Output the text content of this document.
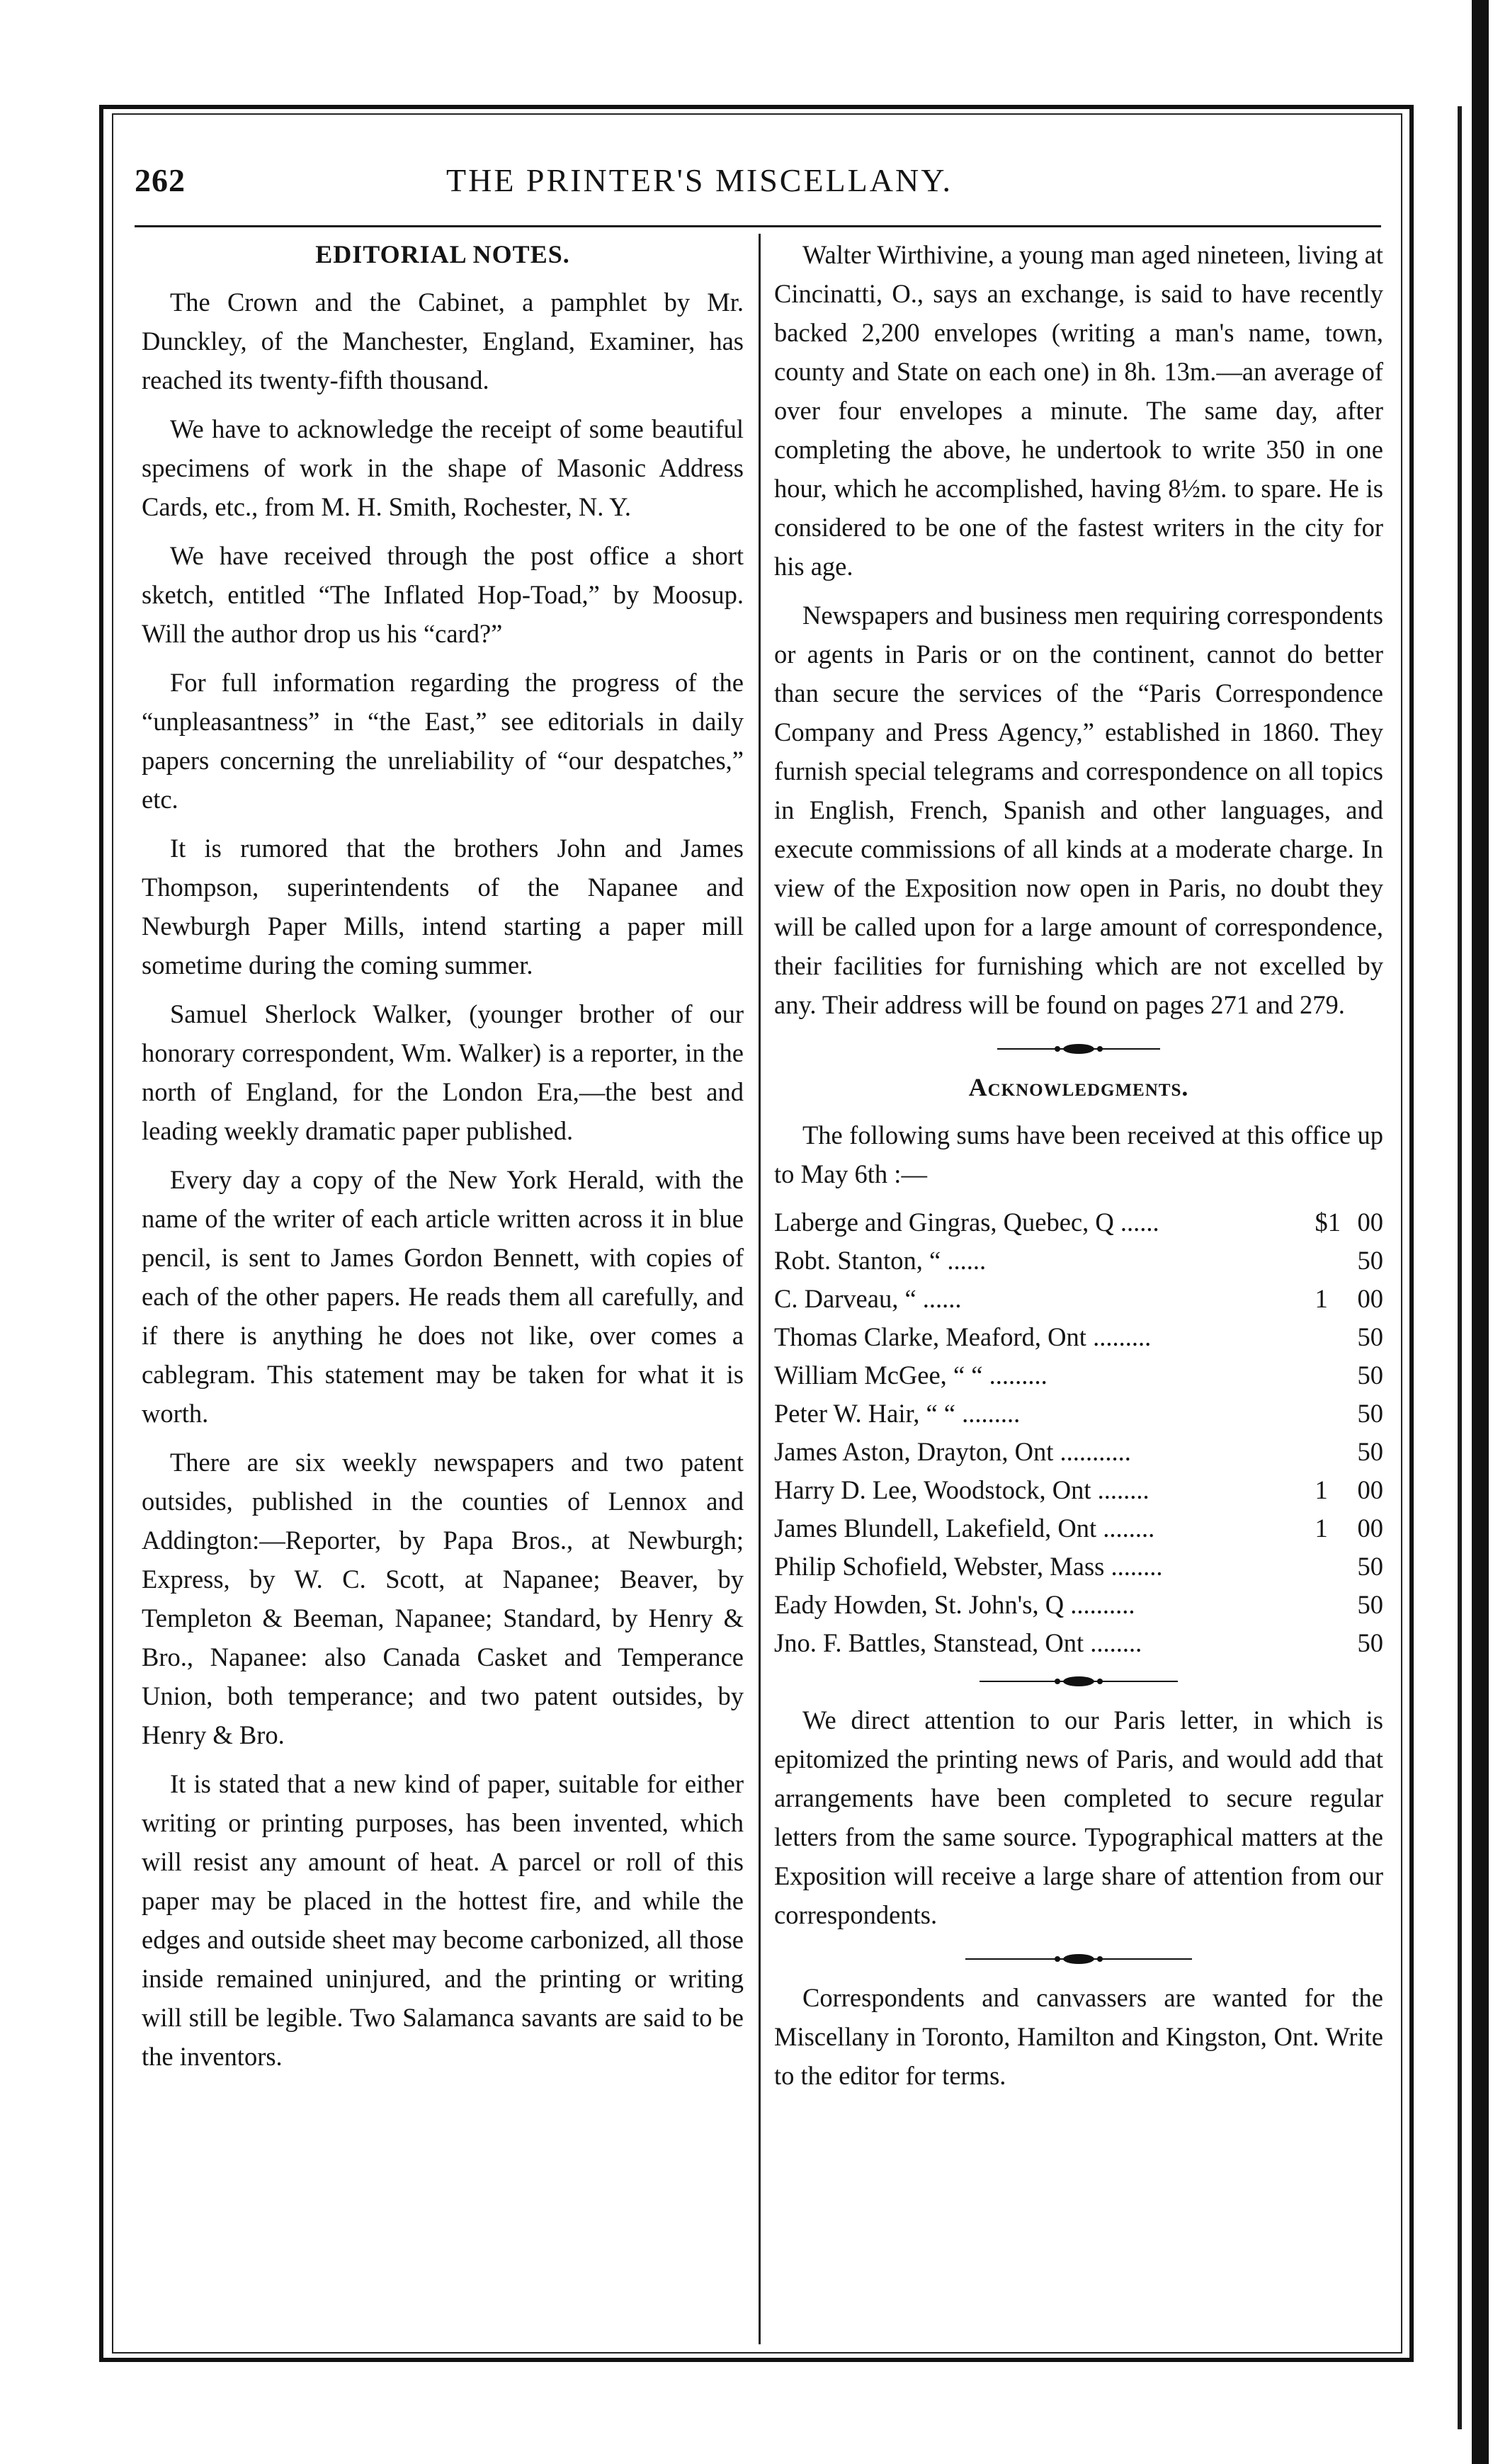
262	THE PRINTER'S MISCELLANY.
EDITORIAL NOTES.

The Crown and the Cabinet, a pamphlet by Mr. Dunckley, of the Manchester, England, Examiner, has reached its twenty-fifth thousand.

We have to acknowledge the receipt of some beautiful specimens of work in the shape of Masonic Address Cards, etc., from M. H. Smith, Rochester, N. Y.

We have received through the post office a short sketch, entitled “The Inflated Hop-Toad,” by Moosup. Will the author drop us his “card?”

For full information regarding the progress of the “unpleasantness” in “the East,” see editorials in daily papers concerning the unreliability of “our despatches,” etc.

It is rumored that the brothers John and James Thompson, superintendents of the Napanee and Newburgh Paper Mills, intend starting a paper mill sometime during the coming summer.

Samuel Sherlock Walker, (younger brother of our honorary correspondent, Wm. Walker) is a reporter, in the north of England, for the London Era,—the best and leading weekly dramatic paper published.

Every day a copy of the New York Herald, with the name of the writer of each article written across it in blue pencil, is sent to James Gordon Bennett, with copies of each of the other papers. He reads them all carefully, and if there is anything he does not like, over comes a cablegram. This statement may be taken for what it is worth.

There are six weekly newspapers and two patent outsides, published in the counties of Lennox and Addington:—Reporter, by Papa Bros., at Newburgh; Express, by W. C. Scott, at Napanee; Beaver, by Templeton & Beeman, Napanee; Standard, by Henry & Bro., Napanee: also Canada Casket and Temperance Union, both temperance; and two patent outsides, by Henry & Bro.

It is stated that a new kind of paper, suitable for either writing or printing purposes, has been invented, which will resist any amount of heat. A parcel or roll of this paper may be placed in the hottest fire, and while the edges and outside sheet may become carbonized, all those inside remained uninjured, and the printing or writing will still be legible. Two Salamanca savants are said to be the inventors.

Walter Wirthivine, a young man aged nineteen, living at Cincinatti, O., says an exchange, is said to have recently backed 2,200 envelopes (writing a man's name, town, county and State on each one) in 8h. 13m.—an average of over four envelopes a minute. The same day, after completing the above, he undertook to write 350 in one hour, which he accomplished, having 8½m. to spare. He is considered to be one of the fastest writers in the city for his age.

Newspapers and business men requiring correspondents or agents in Paris or on the continent, cannot do better than secure the services of the “Paris Correspondence Company and Press Agency,” established in 1860. They furnish special telegrams and correspondence on all topics in English, French, Spanish and other languages, and execute commissions of all kinds at a moderate charge. In view of the Exposition now open in Paris, no doubt they will be called upon for a large amount of correspondence, their facilities for furnishing which are not excelled by any. Their address will be found on pages 271 and 279.

Acknowledgments.

The following sums have been received at this office up to May 6th :—

Laberge and Gingras, Quebec, Q ......	$1	00
Robt. Stanton, “ ......		50
C. Darveau, “ ......	1	00
Thomas Clarke, Meaford, Ont .........		50
William McGee, “ “ .........		50
Peter W. Hair, “ “ .........		50
James Aston, Drayton, Ont ...........		50
Harry D. Lee, Woodstock, Ont ........	1	00
James Blundell, Lakefield, Ont ........	1	00
Philip Schofield, Webster, Mass ........		50
Eady Howden, St. John's, Q ..........		50
Jno. F. Battles, Stanstead, Ont ........		50

We direct attention to our Paris letter, in which is epitomized the printing news of Paris, and would add that arrangements have been completed to secure regular letters from the same source. Typographical matters at the Exposition will receive a large share of attention from our correspondents.

Correspondents and canvassers are wanted for the Miscellany in Toronto, Hamilton and Kingston, Ont. Write to the editor for terms.
